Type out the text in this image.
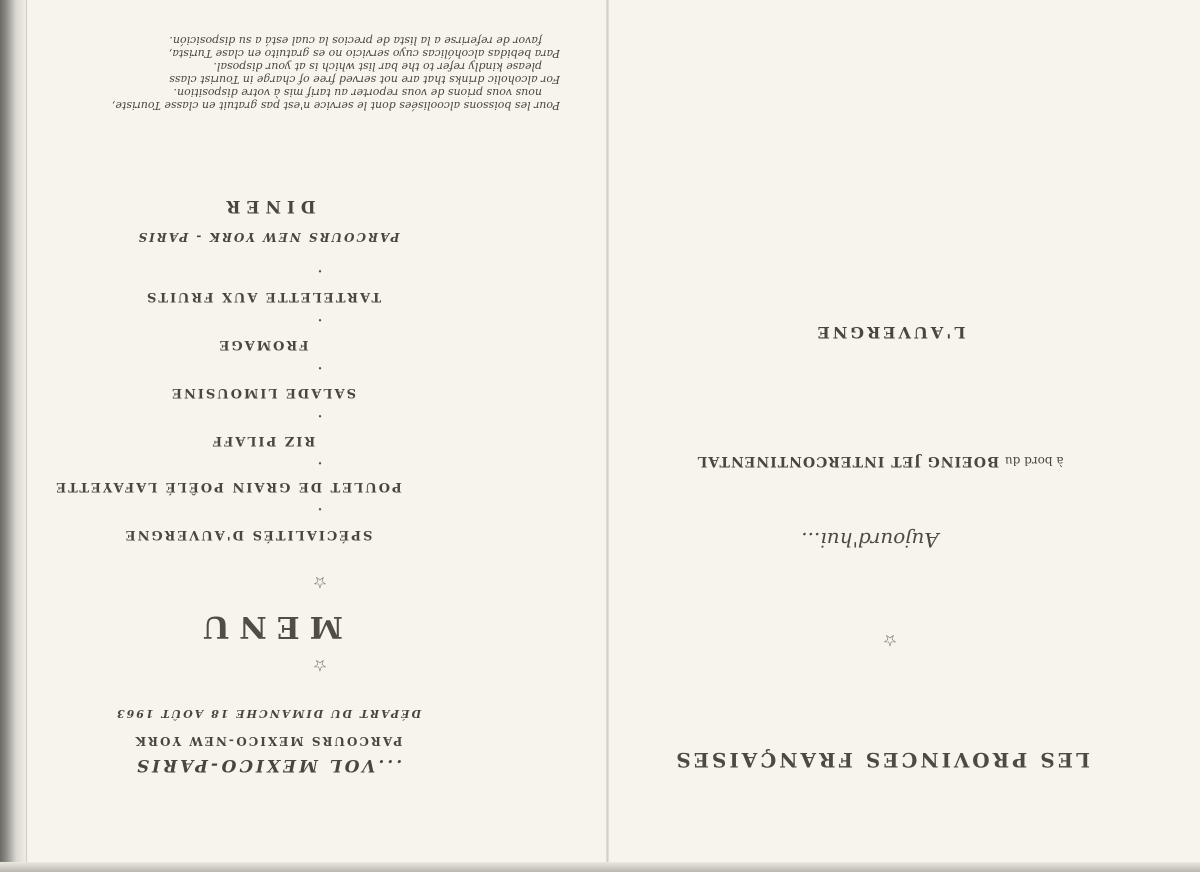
...VOL MEXICO-PARIS
PARCOURS MEXICO-NEW YORK
DÉPART DU DIMANCHE 18 AOÛT 1963
☆
MENU
☆
SPÉCIALITÉS D'AUVERGNE
•
POULET DE GRAIN POÊLÉ LAFAYETTE
•
RIZ PILAFF
•
SALADE LIMOUSINE
•
FROMAGE
•
TARTELETTE AUX FRUITS
•
PARCOURS NEW YORK - PARIS
DINER
Pour les boissons alcoolisées dont le service n'est pas gratuit en classe Touriste,
nous vous prions de vous reporter au tarif mis à votre disposition.
For alcoholic drinks that are not served free of charge in Tourist class
please kindly refer to the bar list which is at your disposal.
Para bebidas alcohólicas cuyo servicio no es gratuito en clase Turista,
favor de referirse a la lista de precios la cual está a su disposición.
LES PROVINCES FRANÇAISES
☆
Aujourd'hui...
à bord du BOEING JET INTERCONTINENTAL
L'AUVERGNE
